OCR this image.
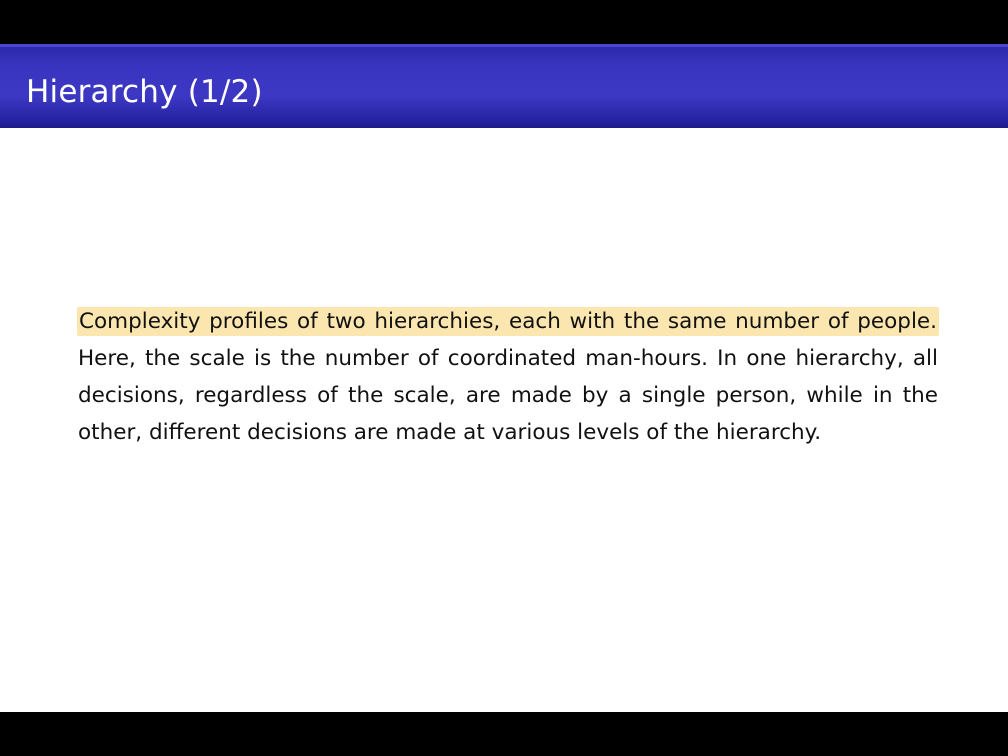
Hierarchy (1/2)
Complexity profiles of two hierarchies, each with the same number of people. Here, the scale is the number of coordinated man-hours. In one hierarchy, all decisions, regardless of the scale, are made by a single person, while in the other, different decisions are made at various levels of the hierarchy.
